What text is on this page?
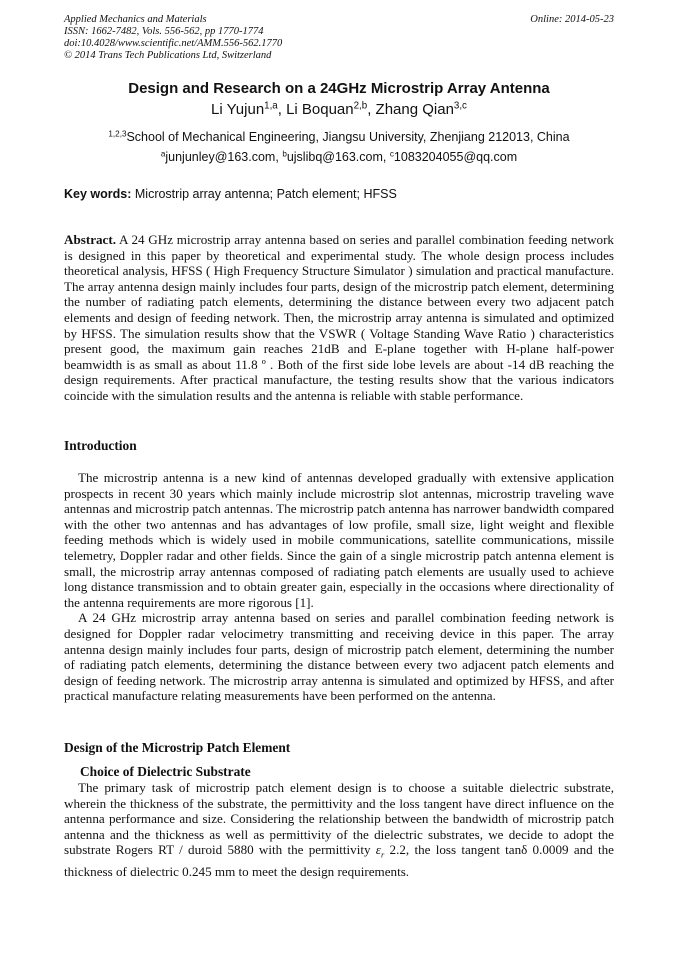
Applied Mechanics and Materials
ISSN: 1662-7482, Vols. 556-562, pp 1770-1774
doi:10.4028/www.scientific.net/AMM.556-562.1770
© 2014 Trans Tech Publications Ltd, Switzerland
Online: 2014-05-23
Design and Research on a 24GHz Microstrip Array Antenna
Li Yujun$^{1,a}$, Li Boquan$^{2,b}$, Zhang Qian$^{3,c}$
$^{1,2,3}$School of Mechanical Engineering, Jiangsu University, Zhenjiang 212013, China
$^a$junjunley@163.com, $^b$ujslibq@163.com, $^c$1083204055@qq.com
Key words: Microstrip array antenna; Patch element; HFSS
Abstract. A 24 GHz microstrip array antenna based on series and parallel combination feeding network is designed in this paper by theoretical and experimental study. The whole design process includes theoretical analysis, HFSS ( High Frequency Structure Simulator ) simulation and practical manufacture. The array antenna design mainly includes four parts, design of the microstrip patch element, determining the number of radiating patch elements, determining the distance between every two adjacent patch elements and design of feeding network. Then, the microstrip array antenna is simulated and optimized by HFSS. The simulation results show that the VSWR ( Voltage Standing Wave Ratio ) characteristics present good, the maximum gain reaches 21dB and E-plane together with H-plane half-power beamwidth is as small as about 11.8 º . Both of the first side lobe levels are about -14 dB reaching the design requirements. After practical manufacture, the testing results show that the various indicators coincide with the simulation results and the antenna is reliable with stable performance.
Introduction

The microstrip antenna is a new kind of antennas developed gradually with extensive application prospects in recent 30 years which mainly include microstrip slot antennas, microstrip traveling wave antennas and microstrip patch antennas. The microstrip patch antenna has narrower bandwidth compared with the other two antennas and has advantages of low profile, small size, light weight and flexible feeding methods which is widely used in mobile communications, satellite communications, missile telemetry, Doppler radar and other fields. Since the gain of a single microstrip patch antenna element is small, the microstrip array antennas composed of radiating patch elements are usually used to achieve long distance transmission and to obtain greater gain, especially in the occasions where directionality of the antenna requirements are more rigorous [1].

A 24 GHz microstrip array antenna based on series and parallel combination feeding network is designed for Doppler radar velocimetry transmitting and receiving device in this paper. The array antenna design mainly includes four parts, design of microstrip patch element, determining the number of radiating patch elements, determining the distance between every two adjacent patch elements and design of feeding network. The microstrip array antenna is simulated and optimized by HFSS, and after practical manufacture relating measurements have been performed on the antenna.

Design of the Microstrip Patch Element
Choice of Dielectric Substrate

The primary task of microstrip patch element design is to choose a suitable dielectric substrate, wherein the thickness of the substrate, the permittivity and the loss tangent have direct influence on the antenna performance and size. Considering the relationship between the bandwidth of microstrip patch antenna and the thickness as well as permittivity of the dielectric substrates, we decide to adopt the substrate Rogers RT / duroid 5880 with the permittivity $\varepsilon_r$ 2.2, the loss tangent tanδ 0.0009 and the thickness of dielectric 0.245 mm to meet the design requirements.
